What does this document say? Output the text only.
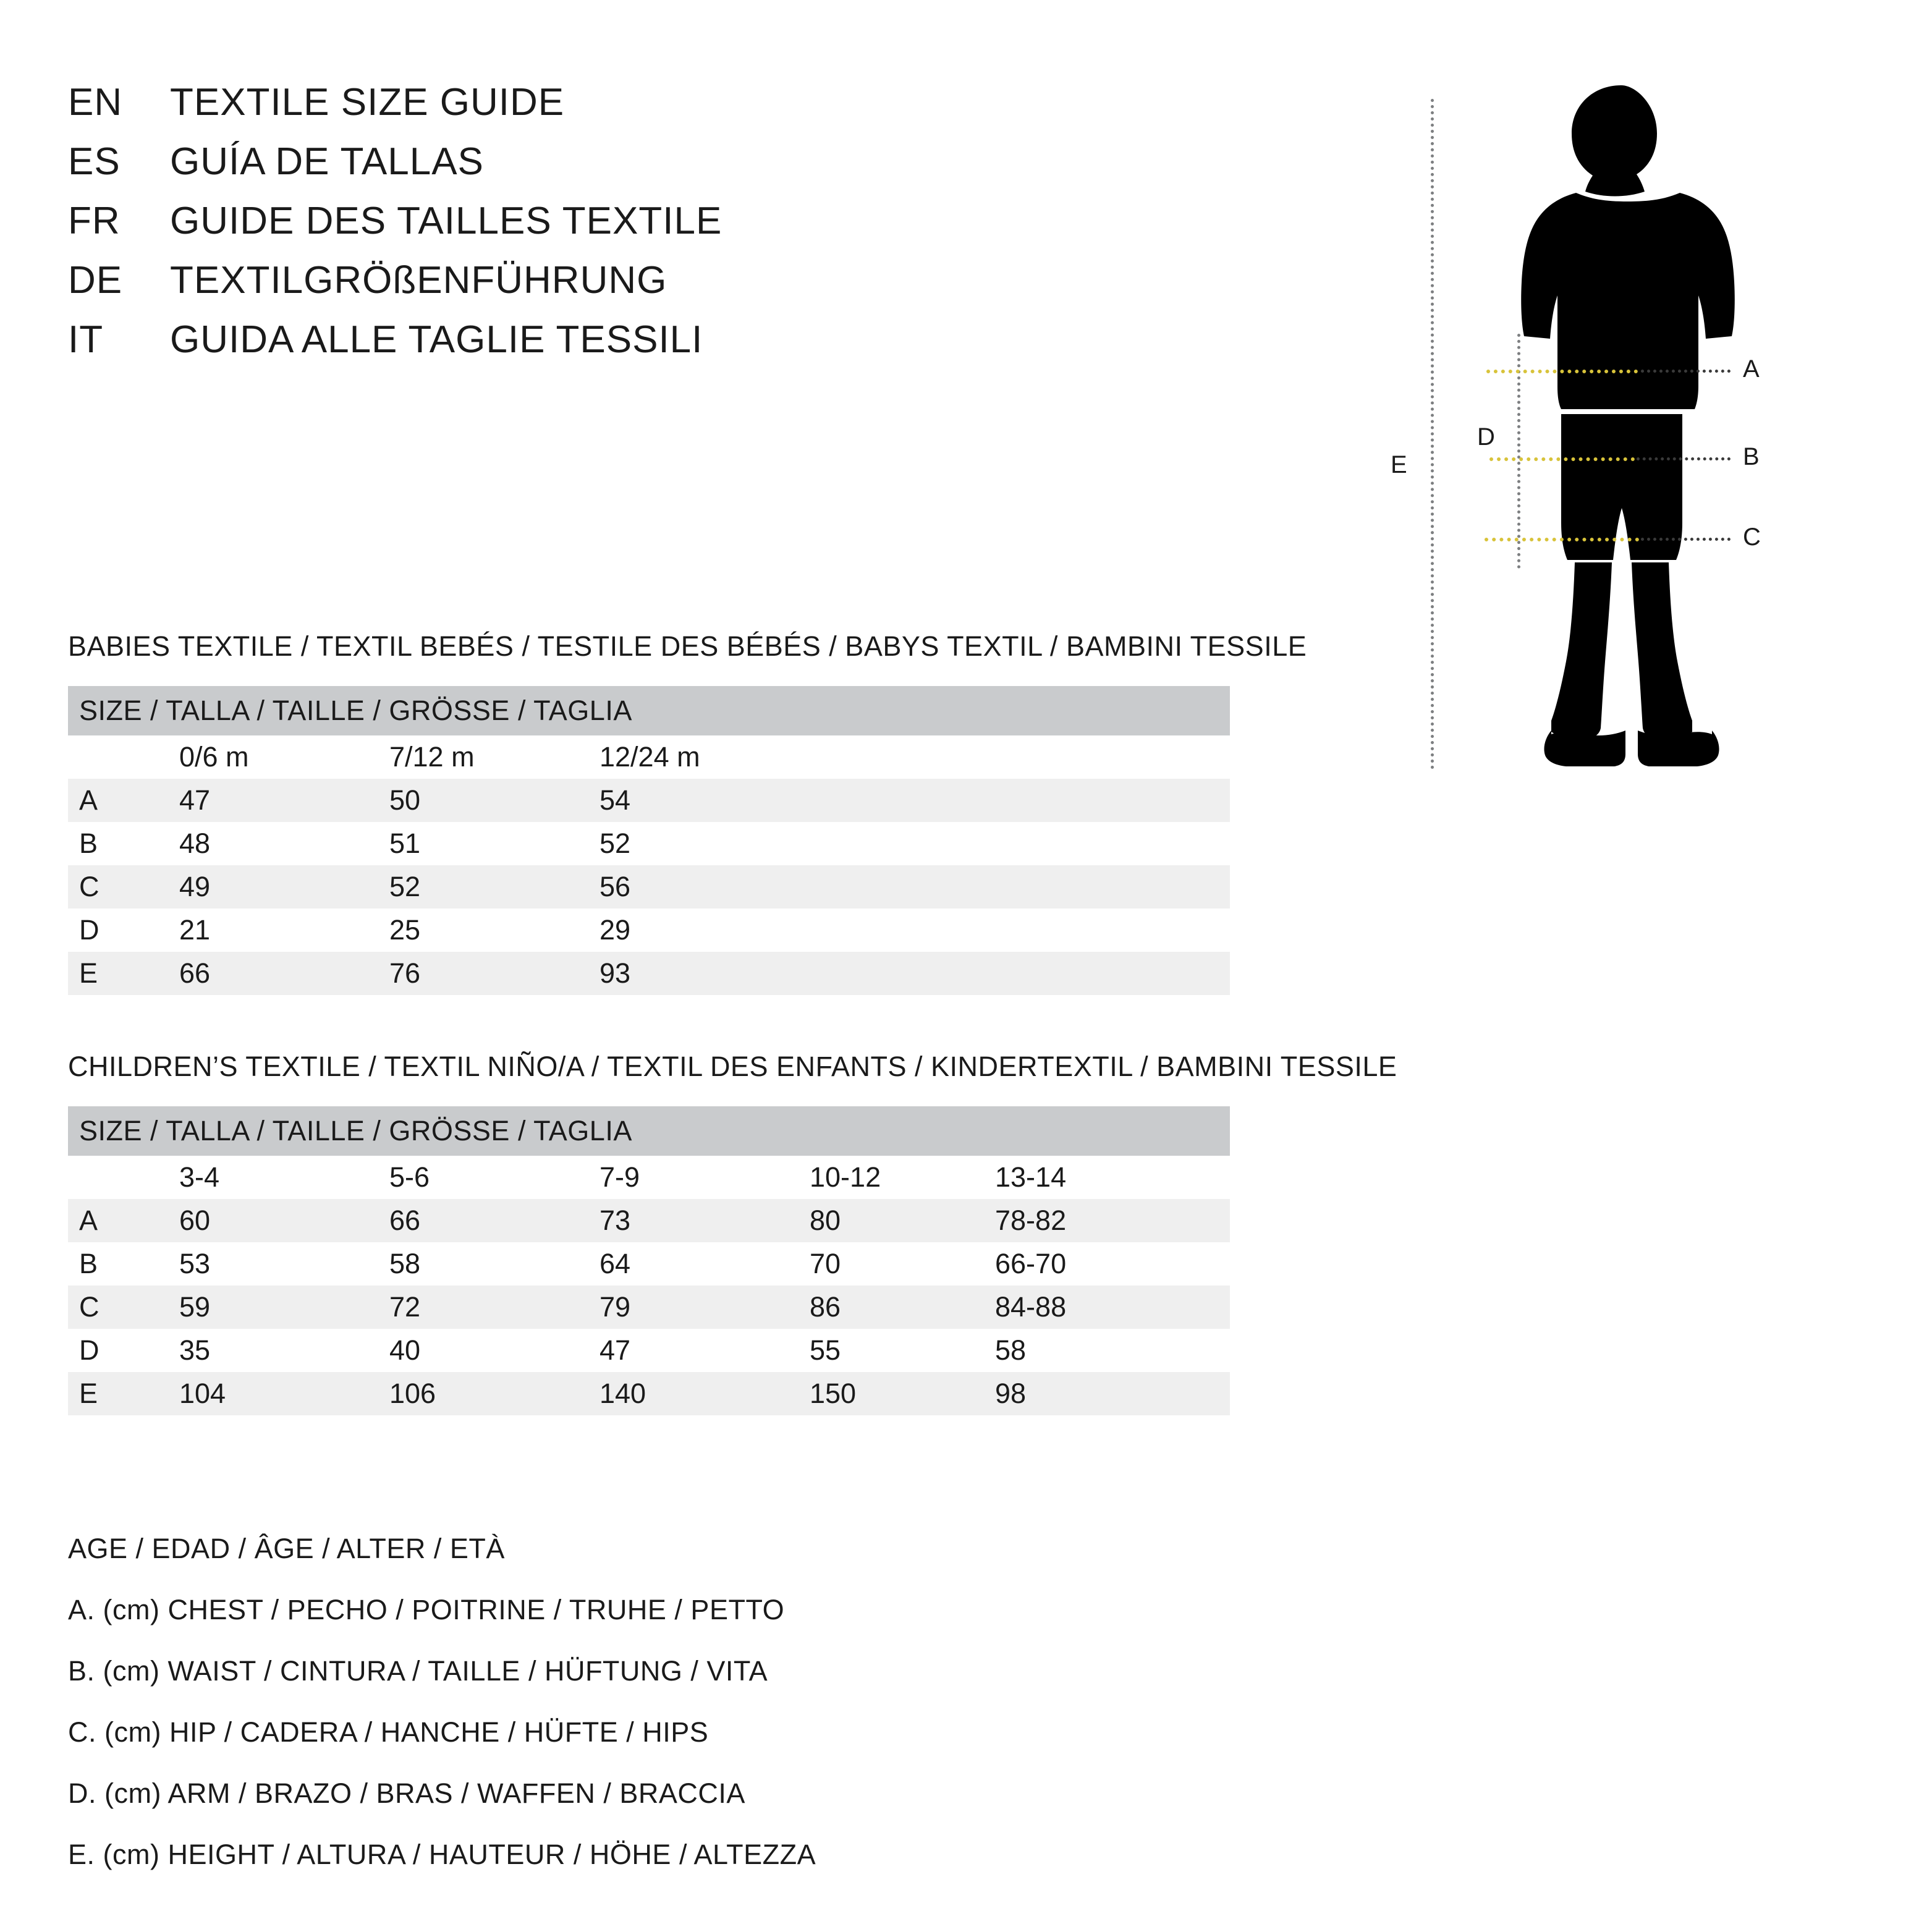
EN	TEXTILE SIZE GUIDE
ES	GUÍA DE TALLAS
FR	GUIDE DES TAILLES TEXTILE
DE	TEXTILGRÖßENFÜHRUNG
IT	GUIDA ALLE TAGLIE TESSILI
E
D
A
B
C
BABIES TEXTILE / TEXTIL BEBÉS / TESTILE DES BÉBÉS / BABYS TEXTIL / BAMBINI TESSILE
SIZE / TALLA / TAILLE / GRÖSSE / TAGLIA
	0/6 m	7/12 m	12/24 m
A	47	50	54
B	48	51	52
C	49	52	56
D	21	25	29
E	66	76	93
CHILDREN’S TEXTILE / TEXTIL NIÑO/A / TEXTIL DES ENFANTS / KINDERTEXTIL / BAMBINI TESSILE
SIZE / TALLA / TAILLE / GRÖSSE / TAGLIA
	3-4	5-6	7-9	10-12	13-14
A	60	66	73	80	78-82
B	53	58	64	70	66-70
C	59	72	79	86	84-88
D	35	40	47	55	58
E	104	106	140	150	98
AGE / EDAD / ÂGE / ALTER / ETÀ
A. (cm) CHEST / PECHO / POITRINE / TRUHE / PETTO
B. (cm) WAIST / CINTURA / TAILLE / HÜFTUNG / VITA
C. (cm) HIP / CADERA / HANCHE / HÜFTE / HIPS
D. (cm) ARM / BRAZO / BRAS / WAFFEN / BRACCIA
E. (cm) HEIGHT / ALTURA / HAUTEUR / HÖHE / ALTEZZA
